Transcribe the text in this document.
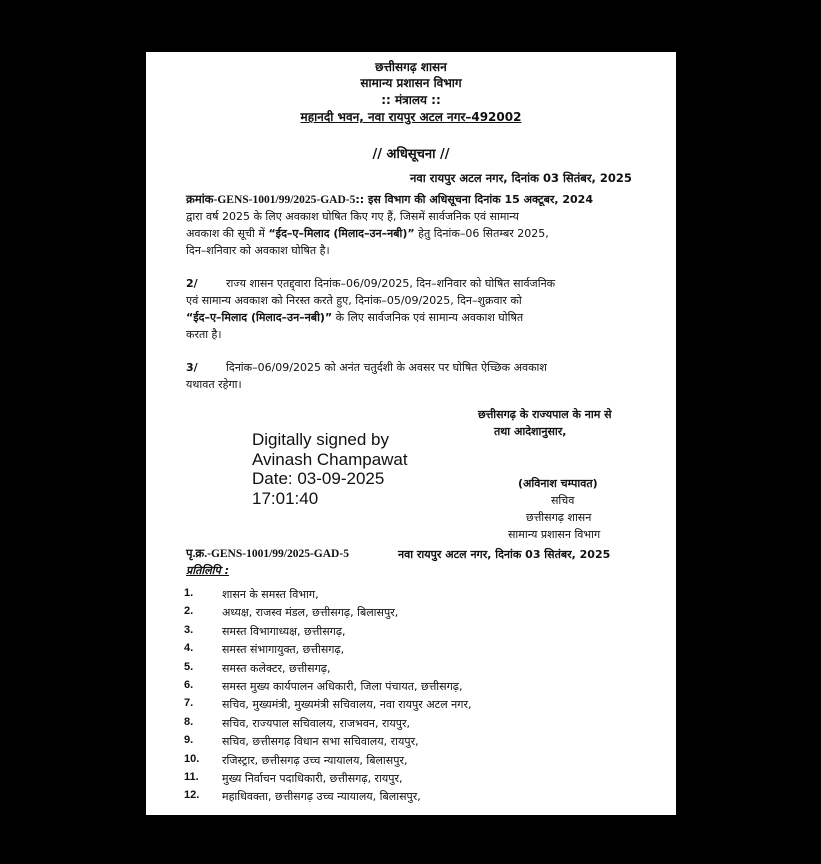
छत्तीसगढ़ शासन
सामान्य प्रशासन विभाग
:: मंत्रालय ::
महानदी भवन, नवा रायपुर अटल नगर–492002
// अधिसूचना //
नवा रायपुर अटल नगर, दिनांक 03 सितंबर, 2025
क्रमांक-GENS-1001/99/2025-GAD-5:: इस विभाग की अधिसूचना दिनांक 15 अक्टूबर, 2024
द्वारा वर्ष 2025 के लिए अवकाश घोषित किए गए हैं, जिसमें सार्वजनिक एवं सामान्य
अवकाश की सूची में “ईद–ए–मिलाद (मिलाद–उन–नबी)” हेतु दिनांक–06 सितम्बर 2025,
दिन–शनिवार को अवकाश घोषित है।
2/	राज्य शासन एतद्द्वारा दिनांक–06/09/2025, दिन–शनिवार को घोषित सार्वजनिक
एवं सामान्य अवकाश को निरस्त करते हुए, दिनांक–05/09/2025, दिन–शुक्रवार को
“ईद–ए–मिलाद (मिलाद–उन–नबी)” के लिए सार्वजनिक एवं सामान्य अवकाश घोषित
करता है।
3/	दिनांक–06/09/2025 को अनंत चतुर्दशी के अवसर पर घोषित ऐच्छिक अवकाश
यथावत रहेगा।
छत्तीसगढ़ के राज्यपाल के नाम से
तथा आदेशानुसार,
Digitally signed by
Avinash Champawat
Date: 03-09-2025
17:01:40
(अविनाश चम्पावत)
सचिव
छत्तीसगढ़ शासन
सामान्य प्रशासन विभाग
पृ.क्र.-GENS-1001/99/2025-GAD-5	नवा रायपुर अटल नगर, दिनांक 03 सितंबर, 2025
प्रतिलिपि :
1.	शासन के समस्त विभाग,
2.	अध्यक्ष, राजस्व मंडल, छत्तीसगढ़, बिलासपुर,
3.	समस्त विभागाध्यक्ष, छत्तीसगढ़,
4.	समस्त संभागायुक्त, छत्तीसगढ़,
5.	समस्त कलेक्टर, छत्तीसगढ़,
6.	समस्त मुख्य कार्यपालन अधिकारी, जिला पंचायत, छत्तीसगढ़,
7.	सचिव, मुख्यमंत्री, मुख्यमंत्री सचिवालय, नवा रायपुर अटल नगर,
8.	सचिव, राज्यपाल सचिवालय, राजभवन, रायपुर,
9.	सचिव, छत्तीसगढ़ विधान सभा सचिवालय, रायपुर,
10.	रजिस्ट्रार, छत्तीसगढ़ उच्च न्यायालय, बिलासपुर,
11.	मुख्य निर्वाचन पदाधिकारी, छत्तीसगढ़, रायपुर,
12.	महाधिवक्ता, छत्तीसगढ़ उच्च न्यायालय, बिलासपुर,
